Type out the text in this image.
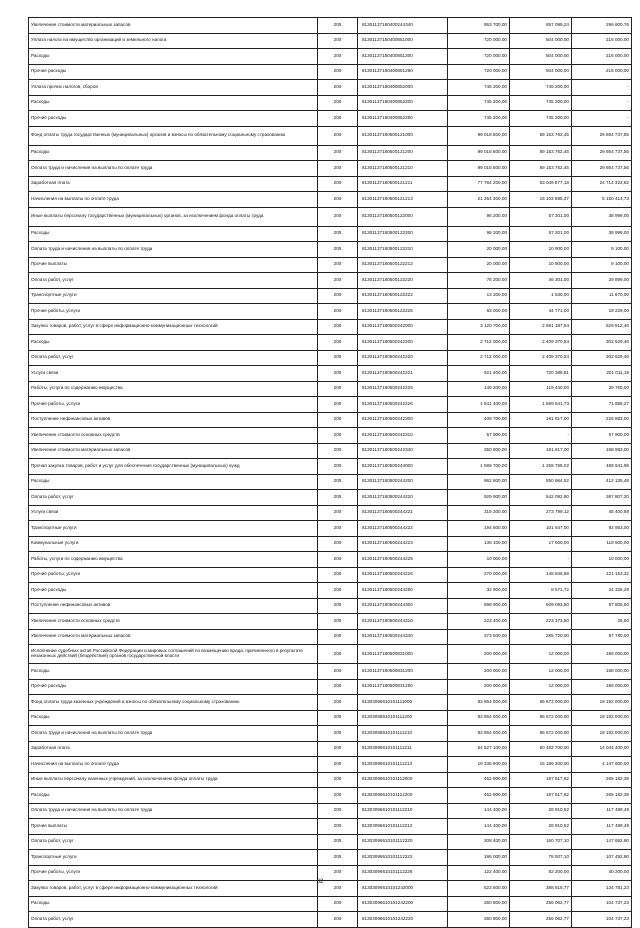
Увеличение стоимости материальных запасов	200	81301137180400244340	953 700,00	657 099,24	296 600,76
Уплата налога на имущество организаций и земельного налога	200	81301137180400851000	720 000,00	504 000,00	216 000,00
Расходы	200	81301137180400851200	720 000,00	504 000,00	216 000,00
Прочие расходы	200	81301137180400851290	720 000,00	504 000,00	216 000,00
Уплата прочих налогов, сборов	200	81301137180400852000	745 200,00	745 200,00	-
Расходы	200	81301137180400852200	745 200,00	745 200,00	-
Прочие расходы	200	81301137180400852290	745 200,00	745 200,00	-
Фонд оплаты труда государственных (муниципальных) органов и взносы по обязательному социальному страхованию	200	81301137180500121000	99 018 500,00	69 153 762,45	29 864 737,55
Расходы	200	81301137180500121200	99 018 500,00	69 153 762,45	29 864 737,55
Оплата труда и начисления на выплаты по оплате труда	200	81301137180500121210	99 018 500,00	69 153 762,45	29 864 737,55
Заработная плата	200	81301137180500121211	77 764 200,00	53 049 877,18	24 714 322,82
Начисления на выплаты по оплате труда	200	81301137180500121213	21 254 300,00	16 103 885,27	5 150 414,73
Иные выплаты персоналу государственных (муниципальных) органов, за исключением фонда оплаты труда	200	81301137180500122000	96 200,00	57 201,00	38 999,00
Расходы	200	81301137180500122200	96 200,00	57 201,00	38 999,00
Оплата труда и начисления на выплаты по оплате труда	200	81301137180500122210	20 000,00	10 900,00	9 100,00
Прочие выплаты	200	81301137180500122212	20 000,00	10 900,00	9 100,00
Оплата работ, услуг	200	81301137180500122220	76 200,00	46 301,00	29 899,00
Транспортные услуги	200	81301137180500122222	13 200,00	1 530,00	11 670,00
Прочие работы, услуги	200	81301137180500122226	63 000,00	44 771,00	18 229,00
Закупка товаров, работ, услуг в сфере информационно-коммуникационных технологий	200	81301137180500242000	3 120 700,00	2 591 187,54	529 512,46
Расходы	200	81301137180500242200	2 712 000,00	2 409 370,54	302 629,46
Оплата работ, услуг	200	81301137180500242220	2 712 000,00	2 409 370,54	302 629,46
Услуги связи	200	81301137180500242221	921 400,00	720 388,81	201 011,19
Работы, услуги по содержанию имущества	200	81301137180500242225	149 200,00	119 440,00	29 760,00
Прочие работы, услуги	200	81301137180500242226	1 641 400,00	1 569 541,73	71 858,27
Поступление нефинансовых активов	200	81301137180500242300	408 700,00	181 817,00	226 883,00
Увеличение стоимости основных средств	200	81301137180500242310	57 900,00	-	57 900,00
Увеличение стоимости материальных запасов	200	81301137180500242340	350 800,00	181 817,00	168 983,00
Прочая закупка товаров, работ и услуг для обеспечения государственных (муниципальных) нужд	200	81301137180500244000	1 589 700,00	1 259 758,02	489 941,98
Расходы	200	81301137180500244200	962 800,00	550 664,52	412 135,48
Оплата работ, услуг	200	81301137180500244220	929 900,00	542 092,80	387 807,20
Услуги связи	200	81301137180500244221	319 200,00	273 799,12	45 400,88
Транспортные услуги	200	81301137180500244222	194 600,00	101 647,00	92 953,00
Коммунальные услуги	200	81301137180500244223	136 100,00	17 600,00	118 500,00
Работы, услуги по содержанию имущества	200	81301137180500244225	10 000,00	-	10 000,00
Прочие работы, услуги	200	81301137180500244226	270 000,00	148 846,68	121 153,32
Прочие расходы	200	81301137180500244290	32 900,00	8 571,72	24 328,28
Поступление нефинансовых активов	200	81301137180500244300	598 900,00	509 093,50	87 806,50
Увеличение стоимости основных средств	200	81301137180500244310	223 400,00	223 373,50	26,50
Увеличение стоимости материальных запасов	200	81301137180500244340	373 500,00	285 720,00	87 780,00
Исполнение судебных актов Российской Федерации и мировых соглашений по возмещению вреда, причиненного в результате незаконных действий (бездействия) органов государственной власти	200	81301137180500831000	200 000,00	12 000,00	188 000,00
Расходы	200	81301137180500831200	200 000,00	12 000,00	188 000,00
Прочие расходы	200	81301137180500831290	200 000,00	12 000,00	188 000,00
Фонд оплаты труда казенных учреждений и взносы по обязательному социальному страхованию	200	81303096610101111000	83 864 000,00	65 672 000,00	18 192 000,00
Расходы	200	81303096610101111200	83 864 000,00	65 672 000,00	18 192 000,00
Оплата труда и начисления на выплаты по оплате труда	200	81303096610101111210	83 864 000,00	65 672 000,00	18 192 000,00
Заработная плата	200	81303096610101111211	64 527 100,00	50 482 700,00	14 044 400,00
Начисления на выплаты по оплате труда	200	81303096610101111213	19 336 900,00	15 189 300,00	4 147 600,00
Иные выплаты персоналу казенных учреждений, за исключением фонда оплаты труда	200	81303096610101112000	452 800,00	187 617,62	265 182,38
Расходы	200	81303096610101112200	452 800,00	187 617,62	265 182,38
Оплата труда и начисления на выплаты по оплате труда	200	81303096610101112210	144 400,00	26 910,52	117 489,48
Прочие выплаты	200	81303096610101112212	144 400,00	26 910,52	117 489,48
Оплата работ, услуг	200	81303096610101112220	308 400,00	160 707,10	147 692,90
Транспортные услуги	200	81303096610101112222	186 000,00	78 507,10	107 492,90
Прочие работы, услуги	200	81303096610101112226	122 400,00	82 200,00	40 200,00
Закупка товаров, работ, услуг в сфере информационно-коммуникационных технологий	200	81303096610101242000	523 600,00	388 818,77	134 781,23
Расходы	200	81303096610101242200	360 800,00	256 062,77	104 737,23
Оплата работ, услуг	200	81303096610101242220	360 800,00	256 062,77	104 737,23
82
